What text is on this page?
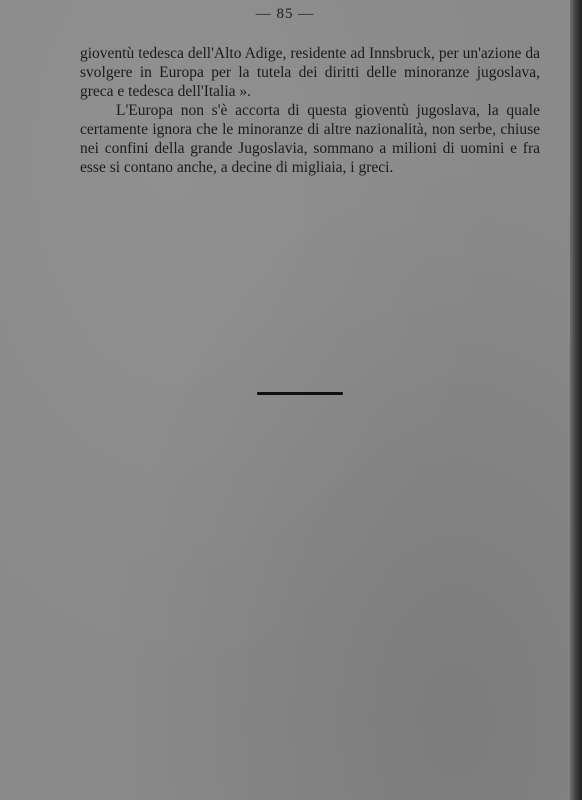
— 85 —

gioventù tedesca dell'Alto Adige, residente ad Innsbruck, per un'azione da svolgere in Europa per la tutela dei diritti delle minoranze jugoslava, greca e tedesca dell'Italia ».

L'Europa non s'è accorta di questa gioventù jugoslava, la quale certamente ignora che le minoranze di altre nazionalità, non serbe, chiuse nei confini della grande Jugoslavia, sommano a milioni di uomini e fra esse si contano anche, a decine di migliaia, i greci.
